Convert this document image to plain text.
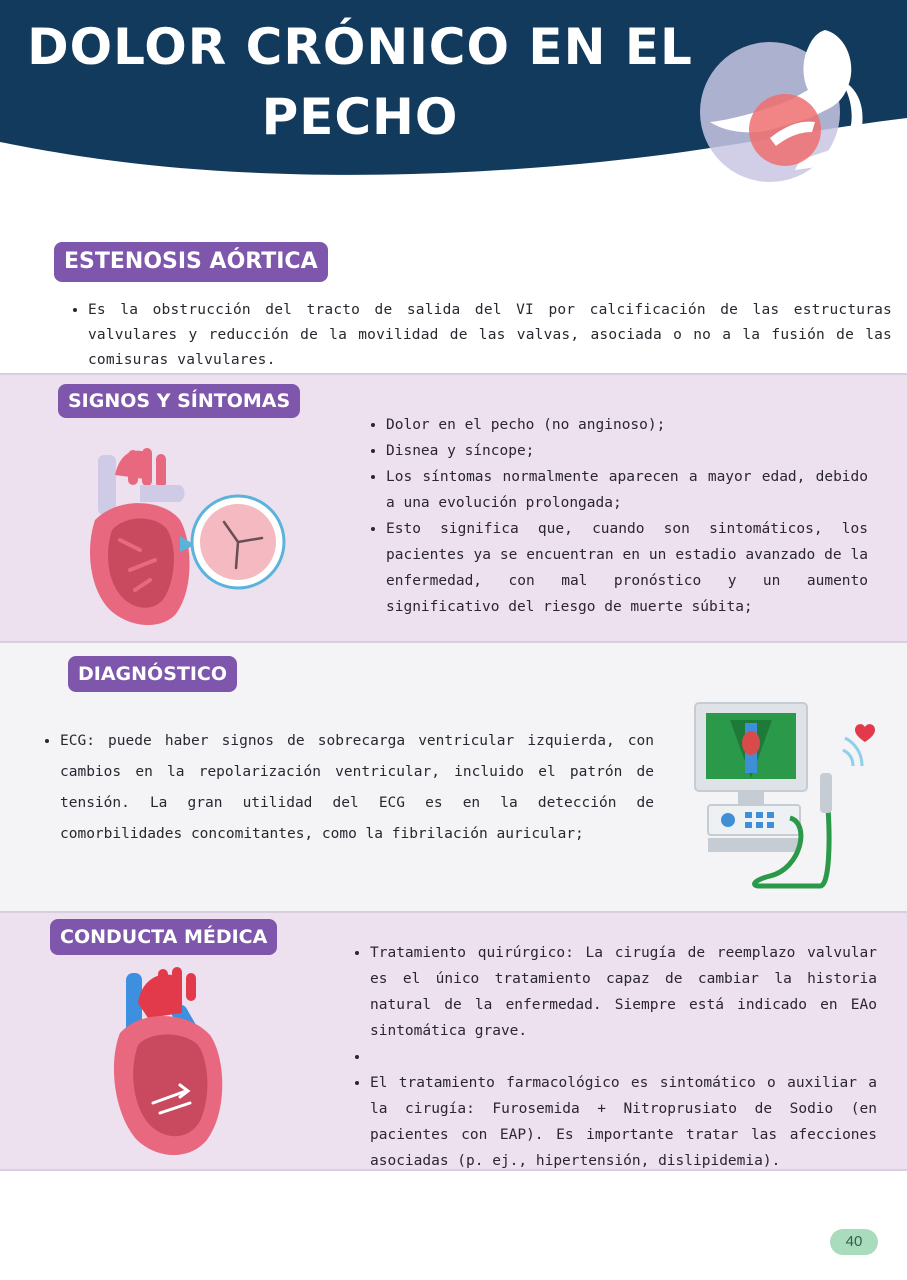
DOLOR CRÓNICO EN EL
PECHO
ESTENOSIS AÓRTICA
• Es la obstrucción del tracto de salida del VI por calcificación de las estructuras valvulares y reducción de la movilidad de las valvas, asociada o no a la fusión de las comisuras valvulares.
SIGNOS Y SÍNTOMAS
• Dolor en el pecho (no anginoso);
• Disnea y síncope;
• Los síntomas normalmente aparecen a mayor edad, debido a una evolución prolongada;
• Esto significa que, cuando son sintomáticos, los pacientes ya se encuentran en un estadio avanzado de la enfermedad, con mal pronóstico y un aumento significativo del riesgo de muerte súbita;
DIAGNÓSTICO
• ECG: puede haber signos de sobrecarga ventricular izquierda, con cambios en la repolarización ventricular, incluido el patrón de tensión. La gran utilidad del ECG es en la detección de comorbilidades concomitantes, como la fibrilación auricular;
CONDUCTA MÉDICA
• Tratamiento quirúrgico: La cirugía de reemplazo valvular es el único tratamiento capaz de cambiar la historia natural de la enfermedad. Siempre está indicado en EAo sintomática grave.
•
• El tratamiento farmacológico es sintomático o auxiliar a la cirugía: Furosemida + Nitroprusiato de Sodio (en pacientes con EAP). Es importante tratar las afecciones asociadas (p. ej., hipertensión, dislipidemia).
40
